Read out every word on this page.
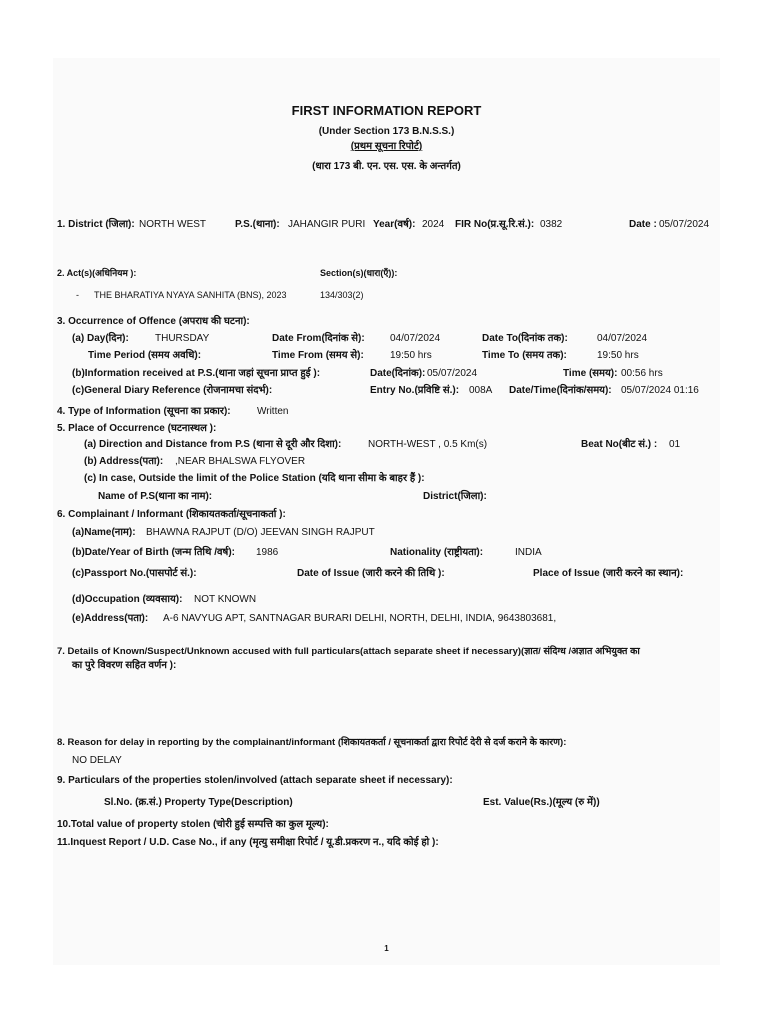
FIRST INFORMATION REPORT
(Under Section 173 B.N.S.S.)
(प्रथम सूचना रिपोर्ट)
(धारा 173 बी. एन. एस. एस. के अन्तर्गत)
1. District (जिला): NORTH WEST	P.S.(थाना): JAHANGIR PURI Year(वर्ष): 2024 FIR No(प्र.सू.रि.सं.): 0382	Date : 05/07/2024
2. Act(s)(अधिनियम ):	Section(s)(धारा(एँ)):
- THE BHARATIYA NYAYA SANHITA (BNS), 2023	134/303(2)
3. Occurrence of Offence (अपराध की घटना):
(a) Day(दिन):	THURSDAY	Date From(दिनांक से):	04/07/2024	Date To(दिनांक तक):	04/07/2024
Time Period (समय अवधि):	Time From (समय से):	19:50 hrs	Time To (समय तक):	19:50 hrs
(b)Information received at P.S.(थाना जहां सूचना प्राप्त हुई ):	Date(दिनांक): 05/07/2024	Time (समय): 00:56 hrs
(c)General Diary Reference (रोजनामचा संदर्भ):	Entry No.(प्रविष्टि सं.): 008A Date/Time(दिनांक/समय): 05/07/2024 01:16
4. Type of Information (सूचना का प्रकार):	Written
5. Place of Occurrence (घटनास्थल ):
(a) Direction and Distance from P.S (थाना से दूरी और दिशा):	NORTH-WEST , 0.5 Km(s)	Beat No(बीट सं.) : 01
(b) Address(पता): ,NEAR BHALSWA FLYOVER
(c) In case, Outside the limit of the Police Station (यदि थाना सीमा के बाहर हैं ):
Name of P.S(थाना का नाम):	District(जिला):
6. Complainant / Informant (शिकायतकर्ता/सूचनाकर्ता ):
(a)Name(नाम): BHAWNA RAJPUT (D/O) JEEVAN SINGH RAJPUT
(b)Date/Year of Birth (जन्म तिथि /वर्ष): 1986	Nationality (राष्ट्रीयता):	INDIA
(c)Passport No.(पासपोर्ट सं.):	Date of Issue (जारी करने की तिथि ):	Place of Issue (जारी करने का स्थान):
(d)Occupation (व्यवसाय): NOT KNOWN
(e)Address(पता): A-6 NAVYUG APT, SANTNAGAR BURARI DELHI, NORTH, DELHI, INDIA, 9643803681,
7. Details of Known/Suspect/Unknown accused with full particulars(attach separate sheet if necessary)(ज्ञात/ संदिग्ध /अज्ञात अभियुक्त का
का पुरे विवरण सहित वर्णन ):
8. Reason for delay in reporting by the complainant/informant (शिकायतकर्ता / सूचनाकर्ता द्वारा रिपोर्ट देरी से दर्ज कराने के कारण):
NO DELAY
9. Particulars of the properties stolen/involved (attach separate sheet if necessary):
Sl.No. (क्र.सं.) Property Type(Description)	Est. Value(Rs.)(मूल्य (रु में))
10.Total value of property stolen (चोरी हुई सम्पत्ति का कुल मूल्य):
11.Inquest Report / U.D. Case No., if any (मृत्यु समीक्षा रिपोर्ट / यू.डी.प्रकरण न., यदि कोई हो ):
1
